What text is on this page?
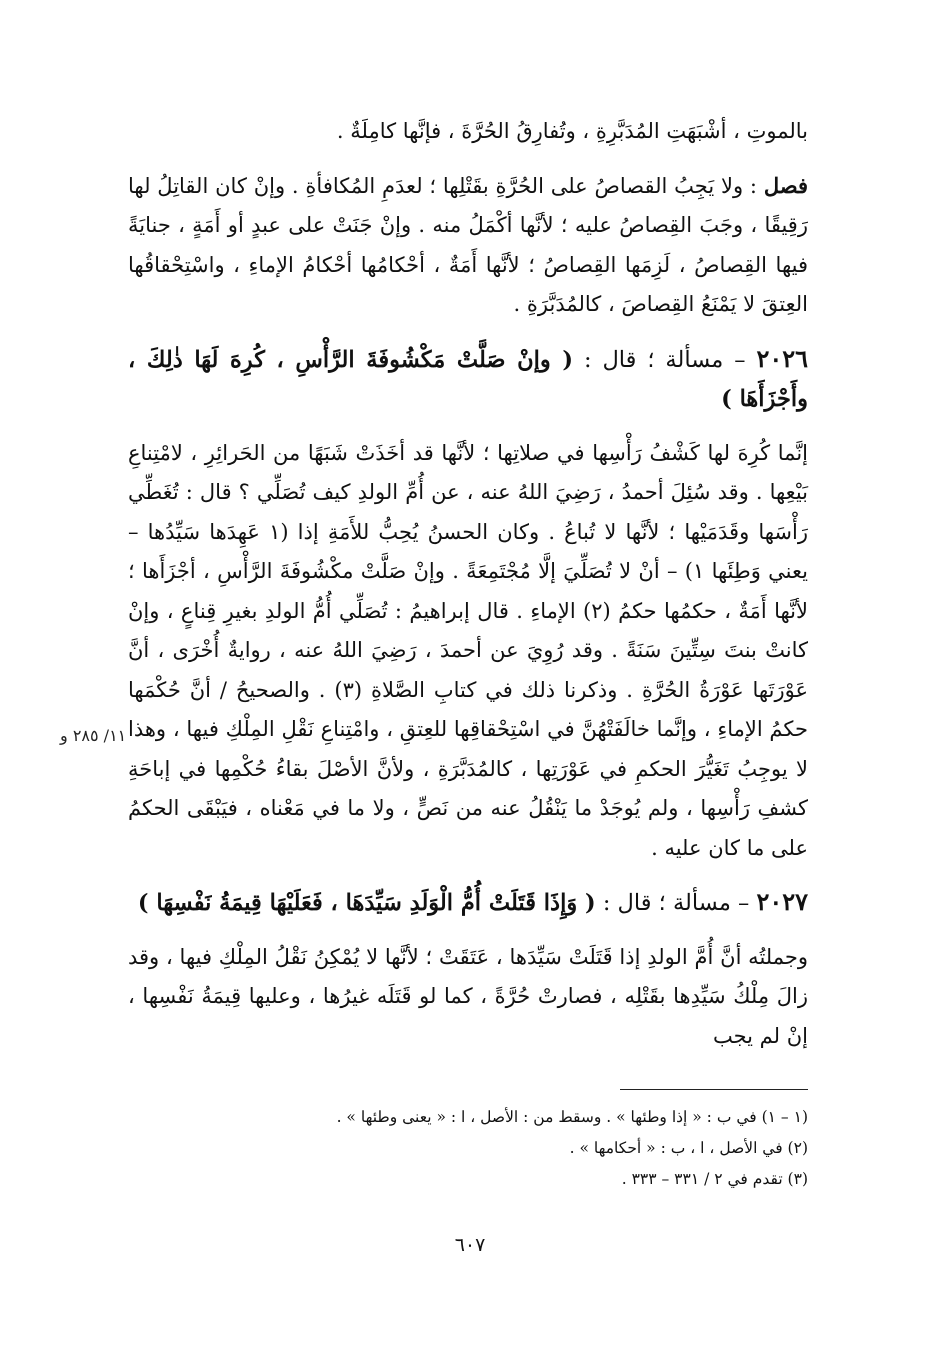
بالموتِ ، أشْبَهَتِ المُدَبَّرِةِ ، وتُفارِقُ الحُرَّةَ ، فإنَّها كامِلَةٌ .

فصل : ولا يَجِبُ القصاصُ على الحُرَّةِ بقَتْلِها ؛ لعدَمِ المُكافأةِ . وإنْ كان القاتِلُ لها رَقِيقًا ، وجَبَ القِصاصُ عليه ؛ لأنَّها أكْمَلُ منه . وإنْ جَنَتْ على عبدٍ أو أَمَةٍ ، جنايَةً فيها القِصاصُ ، لَزِمَها القِصاصُ ؛ لأنَّها أَمَةٌ ، أحْكامُها أحْكامُ الإماءِ ، واسْتِحْقاقُها العِتقَ لا يَمْنَعُ القِصاصَ ، كالمُدَبَّرَةِ .

٢٠٢٦ – مسألة ؛ قال : ( وإنْ صَلَّتْ مَكْشُوفَةَ الرَّأْسِ ، كُرِهَ لَهَا ذٰلِكَ ، وأَجْزَأَهَا )

إنَّما كُرِهَ لها كَشْفُ رَأْسِها في صلاتِها ؛ لأنَّها قد أخَذَتْ شَبَهًا من الحَرائِرِ ، لامْتِناعِ بَيْعِها . وقد سُئِلَ أحمدُ ، رَضِيَ اللهُ عنه ، عن أُمِّ الولدِ كيف تُصَلِّي ؟ قال : تُغَطِّي رَأْسَها وقَدَمَيْها ؛ لأنَّها لا تُباعُ . وكان الحسنُ يُحِبُّ للأَمَةِ إذا (١ عَهِدَها سَيِّدُها – يعني وَطِئَها ١) – أنْ لا تُصَلِّيَ إلَّا مُجْتَمِعَةً . وإنْ صَلَّتْ مكْشُوفَةَ الرَّأْسِ ، أجْزَأَها ؛ لأنَّها أَمَةٌ ، حكمُها حكمُ (٢) الإماءِ . قال إبراهيمُ : تُصَلِّي أُمُّ الولدِ بغيرِ قِناعٍ ، وإنْ كانتْ بنتَ سِتِّينَ سَنَةً . وقد رُوِيَ عن أحمدَ ، رَضِيَ اللهُ عنه ، روايةٌ أُخْرَى ، أنَّ عَوْرَتَها عَوْرَةُ الحُرَّةِ . وذكرنا ذلك في كتابِ الصَّلاةِ (٣) . والصحيحُ / أنَّ حُكْمَها حكمُ الإماءِ ، وإنَّما خالَفَتْهُنَّ في اسْتِحْقاقِها للعِتقِ ، وامْتِناعِ نَقْلِ المِلْكِ فيها ، وهذا لا يوجِبُ تَغَيُّرَ الحكمِ في عَوْرَتِها ، كالمُدَبَّرَةِ ، ولأنَّ الأصْلَ بقاءُ حُكْمِها في إباحَةِ كشفِ رَأْسِها ، ولم يُوجَدْ ما يَنْقُلُ عنه من نَصٍّ ، ولا ما في مَعْناه ، فيَبْقَى الحكمُ على ما كان عليه .

٢٠٢٧ – مسألة ؛ قال : ( وَإِذَا قَتَلَتْ أُمُّ الْوَلَدِ سَيِّدَهَا ، فَعَلَيْهَا قِيمَةُ نَفْسِهَا )

وجملتُه أنَّ أُمَّ الولدِ إذا قَتَلَتْ سَيِّدَها ، عَتَقَتْ ؛ لأنَّها لا يُمْكِنُ نَقْلُ المِلْكِ فيها ، وقد زالَ مِلْكُ سَيِّدِها بقَتْلِه ، فصارتْ حُرَّةً ، كما لو قَتَلَه غيرُها ، وعليها قِيمَةُ نَفْسِها ، إنْ لم يجب

١١/ ٢٨٥ و
(١ – ١) في ب : « إذا وطئها » . وسقط من : الأصل ، ا : « يعنى وطئها » .
(٢) في الأصل ، ا ، ب : « أحكامها » .
(٣) تقدم في ٢ / ٣٣١ – ٣٣٣ .
٦٠٧
